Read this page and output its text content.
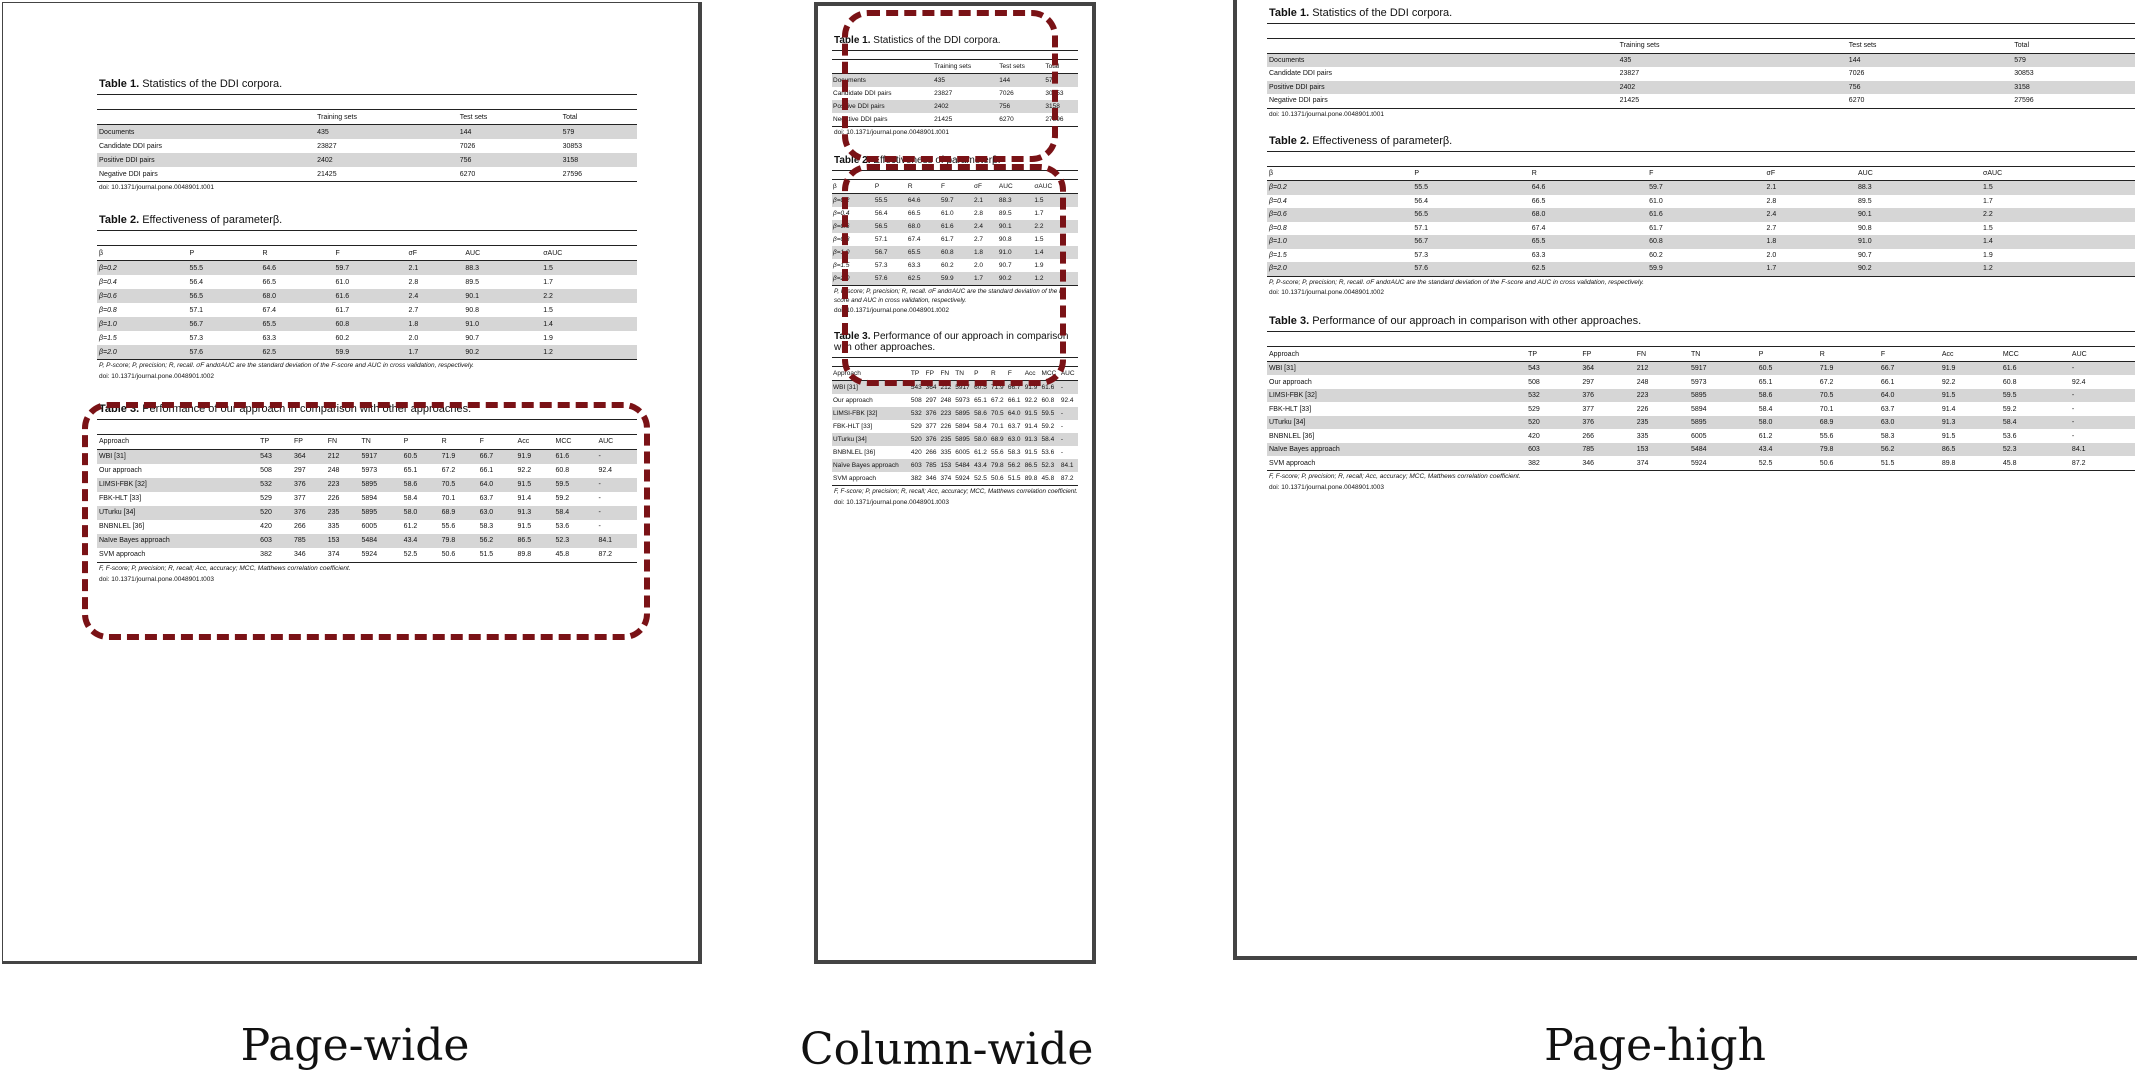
Table 1. Statistics of the DDI corpora.
	Training sets	Test sets	Total
Documents	435	144	579
Candidate DDI pairs	23827	7026	30853
Positive DDI pairs	2402	756	3158
Negative DDI pairs	21425	6270	27596
doi: 10.1371/journal.pone.0048901.t001
Table 2. Effectiveness of parameterβ.
β	P	R	F	σF	AUC	σAUC
β=0.2	55.5	64.6	59.7	2.1	88.3	1.5
β=0.4	56.4	66.5	61.0	2.8	89.5	1.7
β=0.6	56.5	68.0	61.6	2.4	90.1	2.2
β=0.8	57.1	67.4	61.7	2.7	90.8	1.5
β=1.0	56.7	65.5	60.8	1.8	91.0	1.4
β=1.5	57.3	63.3	60.2	2.0	90.7	1.9
β=2.0	57.6	62.5	59.9	1.7	90.2	1.2
P, P-score; P, precision; R, recall. σF andσAUC are the standard deviation of the F-score and AUC in cross validation, respectively.
doi: 10.1371/journal.pone.0048901.t002
Table 3. Performance of our approach in comparison with other approaches.
Approach	TP	FP	FN	TN	P	R	F	Acc	MCC	AUC
WBI [31]	543	364	212	5917	60.5	71.9	66.7	91.9	61.6	-
Our approach	508	297	248	5973	65.1	67.2	66.1	92.2	60.8	92.4
LIMSI-FBK [32]	532	376	223	5895	58.6	70.5	64.0	91.5	59.5	-
FBK-HLT [33]	529	377	226	5894	58.4	70.1	63.7	91.4	59.2	-
UTurku [34]	520	376	235	5895	58.0	68.9	63.0	91.3	58.4	-
BNBNLEL [36]	420	266	335	6005	61.2	55.6	58.3	91.5	53.6	-
Naïve Bayes approach	603	785	153	5484	43.4	79.8	56.2	86.5	52.3	84.1
SVM approach	382	346	374	5924	52.5	50.6	51.5	89.8	45.8	87.2
F, F-score; P, precision; R, recall; Acc, accuracy; MCC, Matthews correlation coefficient.
doi: 10.1371/journal.pone.0048901.t003
Table 1. Statistics of the DDI corpora.
	Training sets	Test sets	Total
Documents	435	144	579
Candidate DDI pairs	23827	7026	30853
Positive DDI pairs	2402	756	3158
Negative DDI pairs	21425	6270	27596
doi: 10.1371/journal.pone.0048901.t001
Table 2. Effectiveness of parameterβ.
β	P	R	F	σF	AUC	σAUC
β=0.2	55.5	64.6	59.7	2.1	88.3	1.5
β=0.4	56.4	66.5	61.0	2.8	89.5	1.7
β=0.6	56.5	68.0	61.6	2.4	90.1	2.2
β=0.8	57.1	67.4	61.7	2.7	90.8	1.5
β=1.0	56.7	65.5	60.8	1.8	91.0	1.4
β=1.5	57.3	63.3	60.2	2.0	90.7	1.9
β=2.0	57.6	62.5	59.9	1.7	90.2	1.2
P, P-score; P, precision; R, recall. σF andσAUC are the standard deviation of the F-score and AUC in cross validation, respectively.
doi: 10.1371/journal.pone.0048901.t002
Table 3. Performance of our approach in comparison with other approaches.
Approach	TP	FP	FN	TN	P	R	F	Acc	MCC	AUC
WBI [31]	543	364	212	5917	60.5	71.9	66.7	91.9	61.6	-
Our approach	508	297	248	5973	65.1	67.2	66.1	92.2	60.8	92.4
LIMSI-FBK [32]	532	376	223	5895	58.6	70.5	64.0	91.5	59.5	-
FBK-HLT [33]	529	377	226	5894	58.4	70.1	63.7	91.4	59.2	-
UTurku [34]	520	376	235	5895	58.0	68.9	63.0	91.3	58.4	-
BNBNLEL [36]	420	266	335	6005	61.2	55.6	58.3	91.5	53.6	-
Naïve Bayes approach	603	785	153	5484	43.4	79.8	56.2	86.5	52.3	84.1
SVM approach	382	346	374	5924	52.5	50.6	51.5	89.8	45.8	87.2
F, F-score; P, precision; R, recall; Acc, accuracy; MCC, Matthews correlation coefficient.
doi: 10.1371/journal.pone.0048901.t003
Table 1. Statistics of the DDI corpora.
	Training sets	Test sets	Total
Documents	435	144	579
Candidate DDI pairs	23827	7026	30853
Positive DDI pairs	2402	756	3158
Negative DDI pairs	21425	6270	27596
doi: 10.1371/journal.pone.0048901.t001
Table 2. Effectiveness of parameterβ.
β	P	R	F	σF	AUC	σAUC
β=0.2	55.5	64.6	59.7	2.1	88.3	1.5
β=0.4	56.4	66.5	61.0	2.8	89.5	1.7
β=0.6	56.5	68.0	61.6	2.4	90.1	2.2
β=0.8	57.1	67.4	61.7	2.7	90.8	1.5
β=1.0	56.7	65.5	60.8	1.8	91.0	1.4
β=1.5	57.3	63.3	60.2	2.0	90.7	1.9
β=2.0	57.6	62.5	59.9	1.7	90.2	1.2
P, P-score; P, precision; R, recall. σF andσAUC are the standard deviation of the F-score and AUC in cross validation, respectively.
doi: 10.1371/journal.pone.0048901.t002
Table 3. Performance of our approach in comparison with other approaches.
Approach	TP	FP	FN	TN	P	R	F	Acc	MCC	AUC
WBI [31]	543	364	212	5917	60.5	71.9	66.7	91.9	61.6	-
Our approach	508	297	248	5973	65.1	67.2	66.1	92.2	60.8	92.4
LIMSI-FBK [32]	532	376	223	5895	58.6	70.5	64.0	91.5	59.5	-
FBK-HLT [33]	529	377	226	5894	58.4	70.1	63.7	91.4	59.2	-
UTurku [34]	520	376	235	5895	58.0	68.9	63.0	91.3	58.4	-
BNBNLEL [36]	420	266	335	6005	61.2	55.6	58.3	91.5	53.6	-
Naïve Bayes approach	603	785	153	5484	43.4	79.8	56.2	86.5	52.3	84.1
SVM approach	382	346	374	5924	52.5	50.6	51.5	89.8	45.8	87.2
F, F-score; P, precision; R, recall; Acc, accuracy; MCC, Matthews correlation coefficient.
doi: 10.1371/journal.pone.0048901.t003
Page-wide	Column-wide	Page-high
